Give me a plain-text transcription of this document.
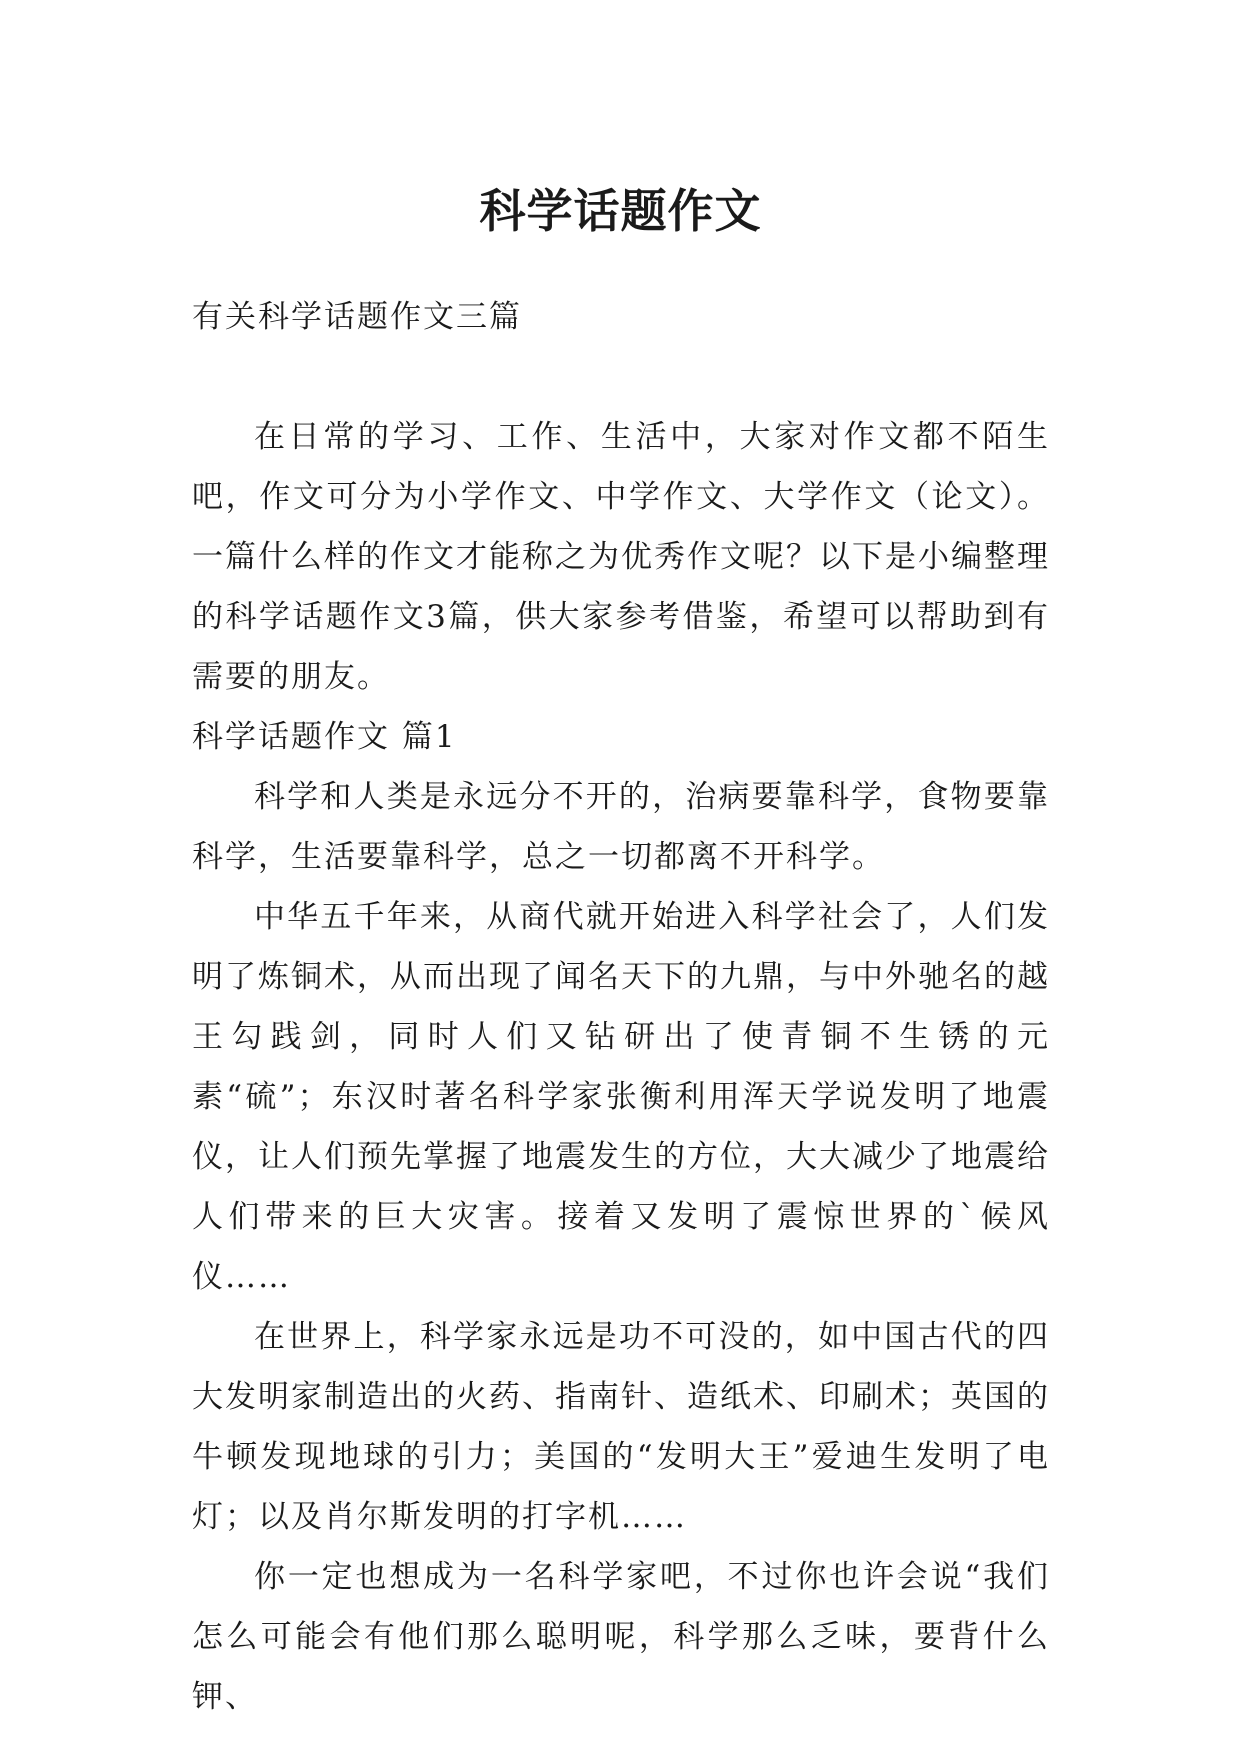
科学话题作文

有关科学话题作文三篇

在日常的学习、工作、生活中，大家对作文都不陌生吧，作文可分为小学作文、中学作文、大学作文（论文）。一篇什么样的作文才能称之为优秀作文呢？以下是小编整理的科学话题作文3篇，供大家参考借鉴，希望可以帮助到有需要的朋友。

科学话题作文 篇1

科学和人类是永远分不开的，治病要靠科学，食物要靠科学，生活要靠科学，总之一切都离不开科学。

中华五千年来，从商代就开始进入科学社会了，人们发明了炼铜术，从而出现了闻名天下的九鼎，与中外驰名的越王勾践剑，同时人们又钻研出了使青铜不生锈的元素“硫”；东汉时著名科学家张衡利用浑天学说发明了地震仪，让人们预先掌握了地震发生的方位，大大减少了地震给人们带来的巨大灾害。接着又发明了震惊世界的`候风仪……

在世界上，科学家永远是功不可没的，如中国古代的四大发明家制造出的火药、指南针、造纸术、印刷术；英国的牛顿发现地球的引力；美国的“发明大王”爱迪生发明了电灯；以及肖尔斯发明的打字机……

你一定也想成为一名科学家吧，不过你也许会说“我们怎么可能会有他们那么聪明呢，科学那么乏味，要背什么钾、
